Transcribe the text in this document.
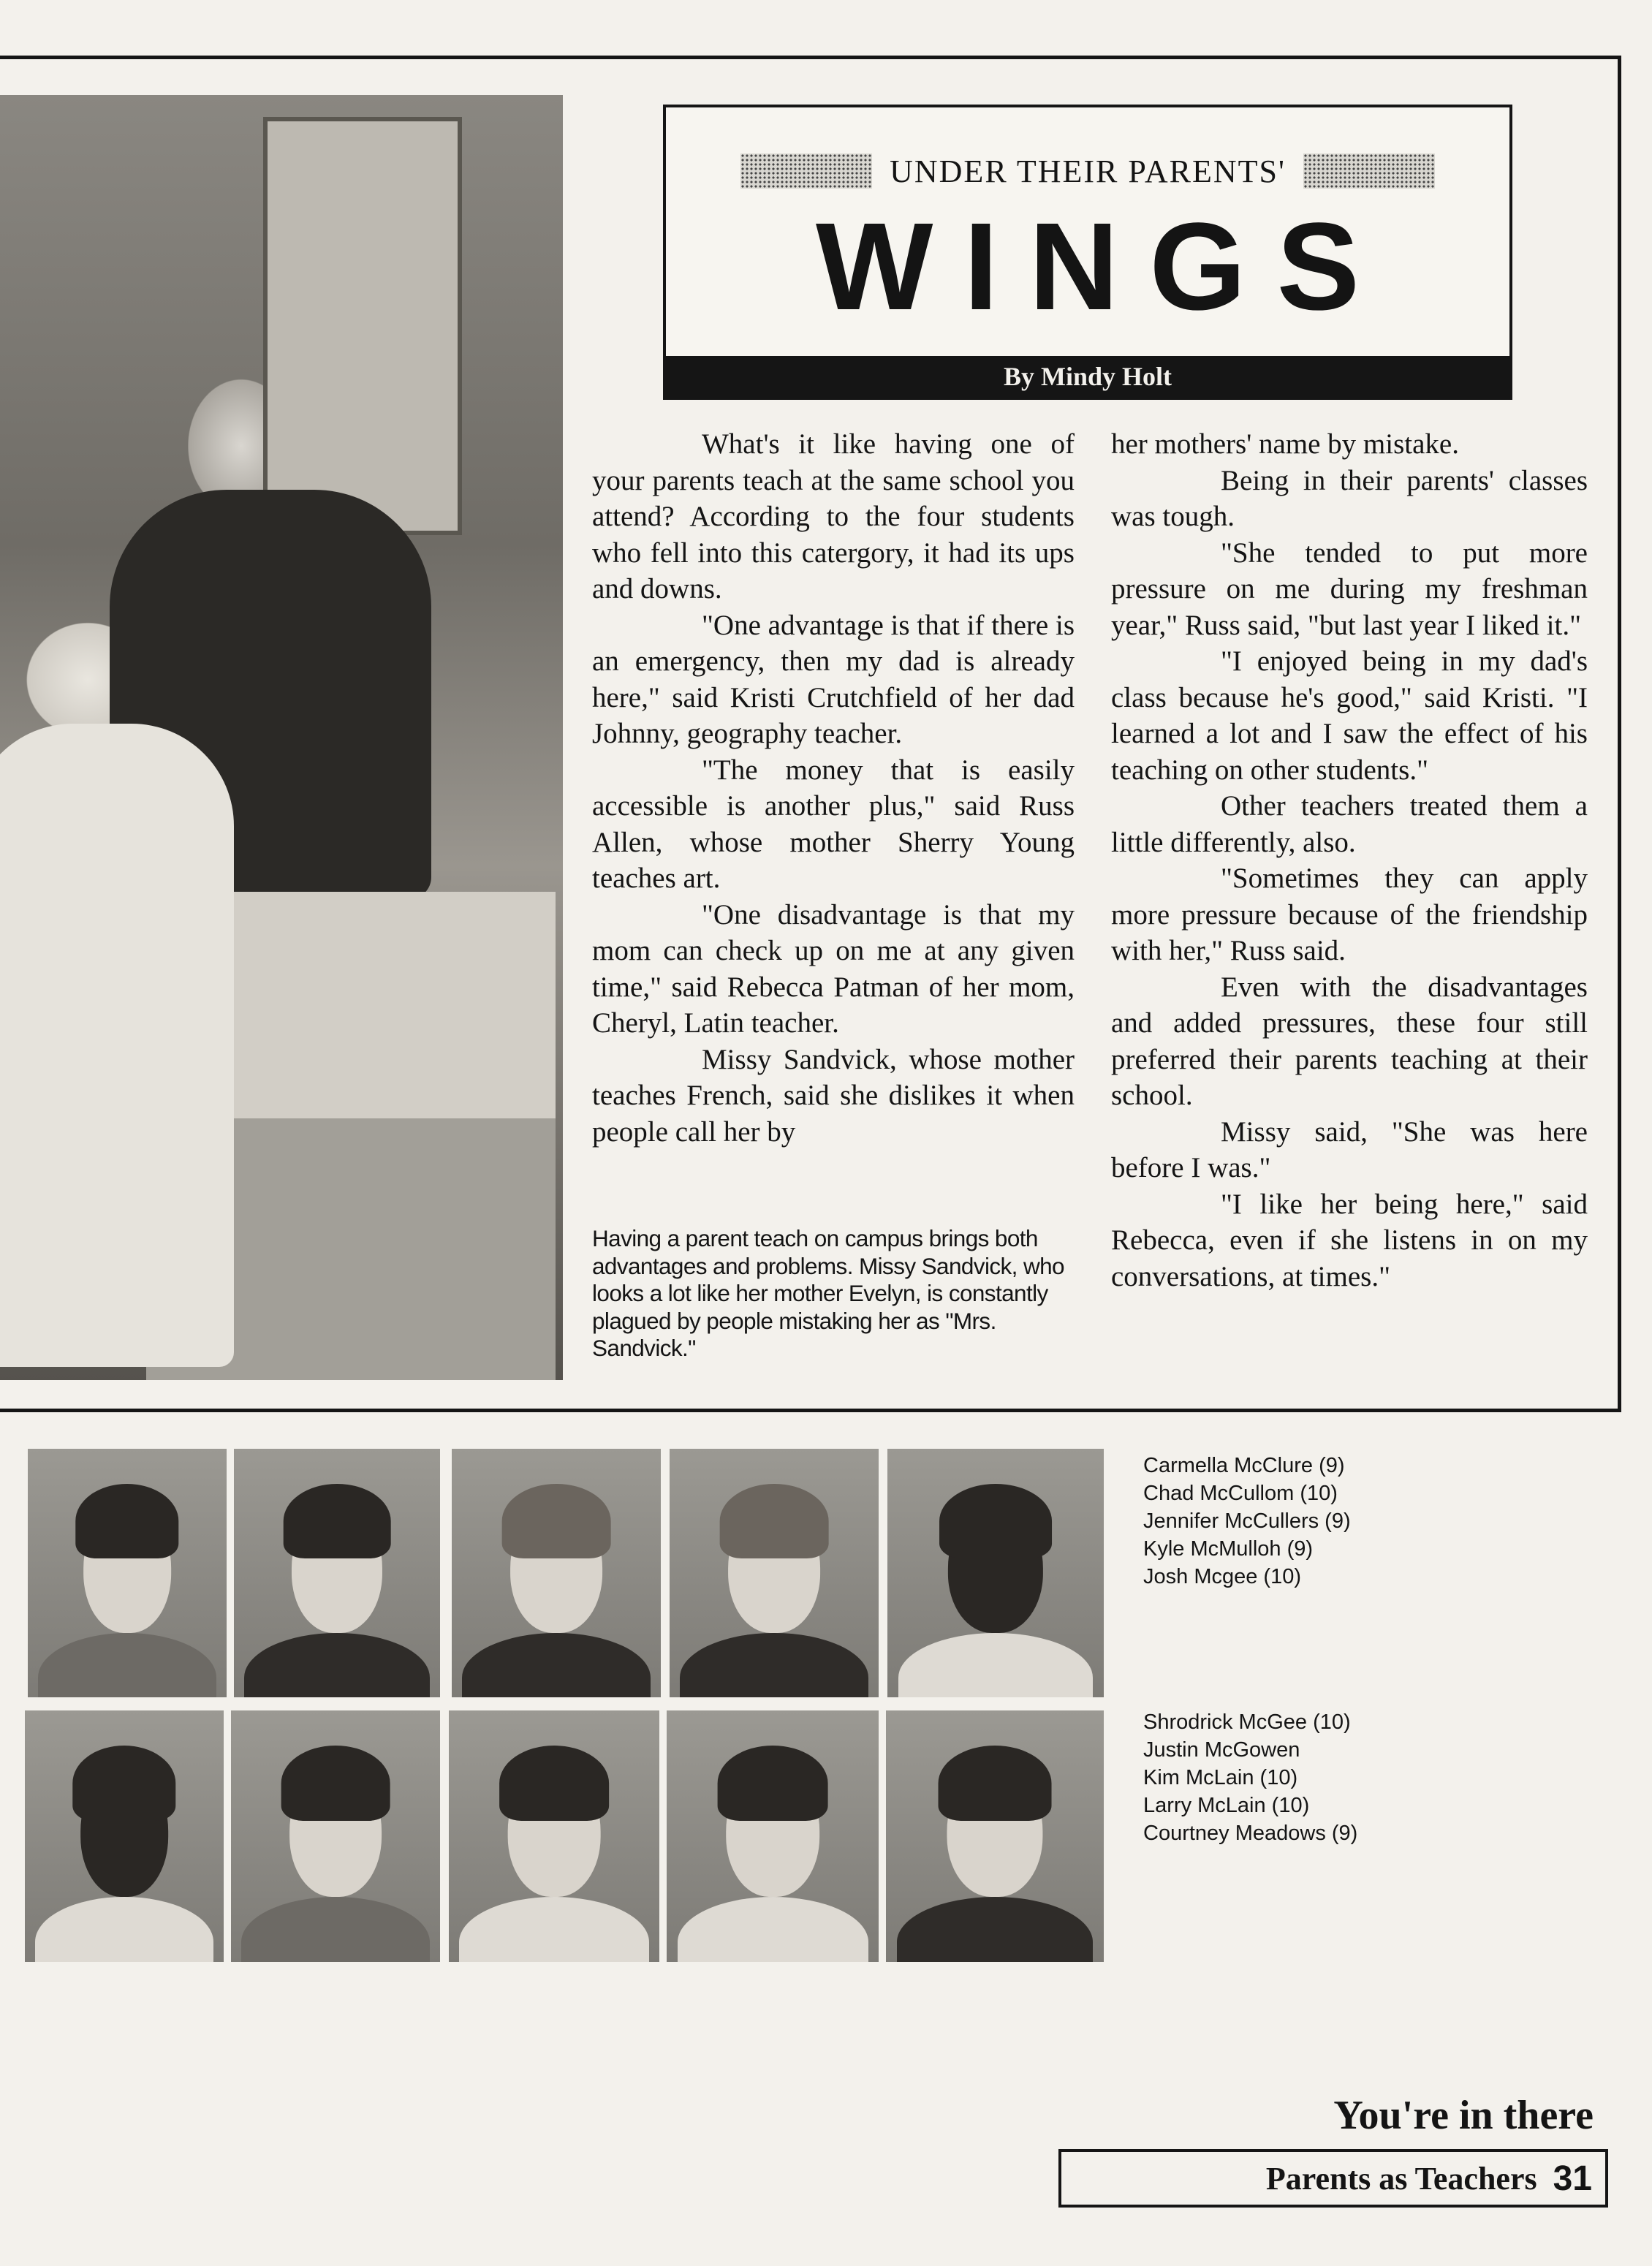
UNDER THEIR PARENTS'
WINGS
By Mindy Holt

What's it like having one of your parents teach at the same school you attend? According to the four students who fell into this catergory, it had its ups and downs.

"One advantage is that if there is an emergency, then my dad is already here," said Kristi Crutchfield of her dad Johnny, geography teacher.

"The money that is easily accessible is another plus," said Russ Allen, whose mother Sherry Young teaches art.

"One disadvantage is that my mom can check up on me at any given time," said Rebecca Patman of her mom, Cheryl, Latin teacher.

Missy Sandvick, whose mother teaches French, said she dislikes it when people call her by

her mothers' name by mistake.

Being in their parents' classes was tough.

"She tended to put more pressure on me during my freshman year," Russ said, "but last year I liked it."

"I enjoyed being in my dad's class because he's good," said Kristi. "I learned a lot and I saw the effect of his teaching on other students."

Other teachers treated them a little differently, also.

"Sometimes they can apply more pressure because of the friendship with her," Russ said.

Even with the disadvantages and added pressures, these four still preferred their parents teaching at their school.

Missy said, "She was here before I was."

"I like her being here," said Rebecca, even if she listens in on my conversations, at times."

Having a parent teach on campus brings both advantages and problems. Missy Sandvick, who looks a lot like her mother Evelyn, is constantly plagued by people mistaking her as "Mrs. Sandvick."
Carmella McClure (9)
Chad McCullom (10)
Jennifer McCullers (9)
Kyle McMulloh (9)
Josh Mcgee (10)
Shrodrick McGee (10)
Justin McGowen
Kim McLain (10)
Larry McLain (10)
Courtney Meadows (9)
You're in there
Parents as Teachers 31
